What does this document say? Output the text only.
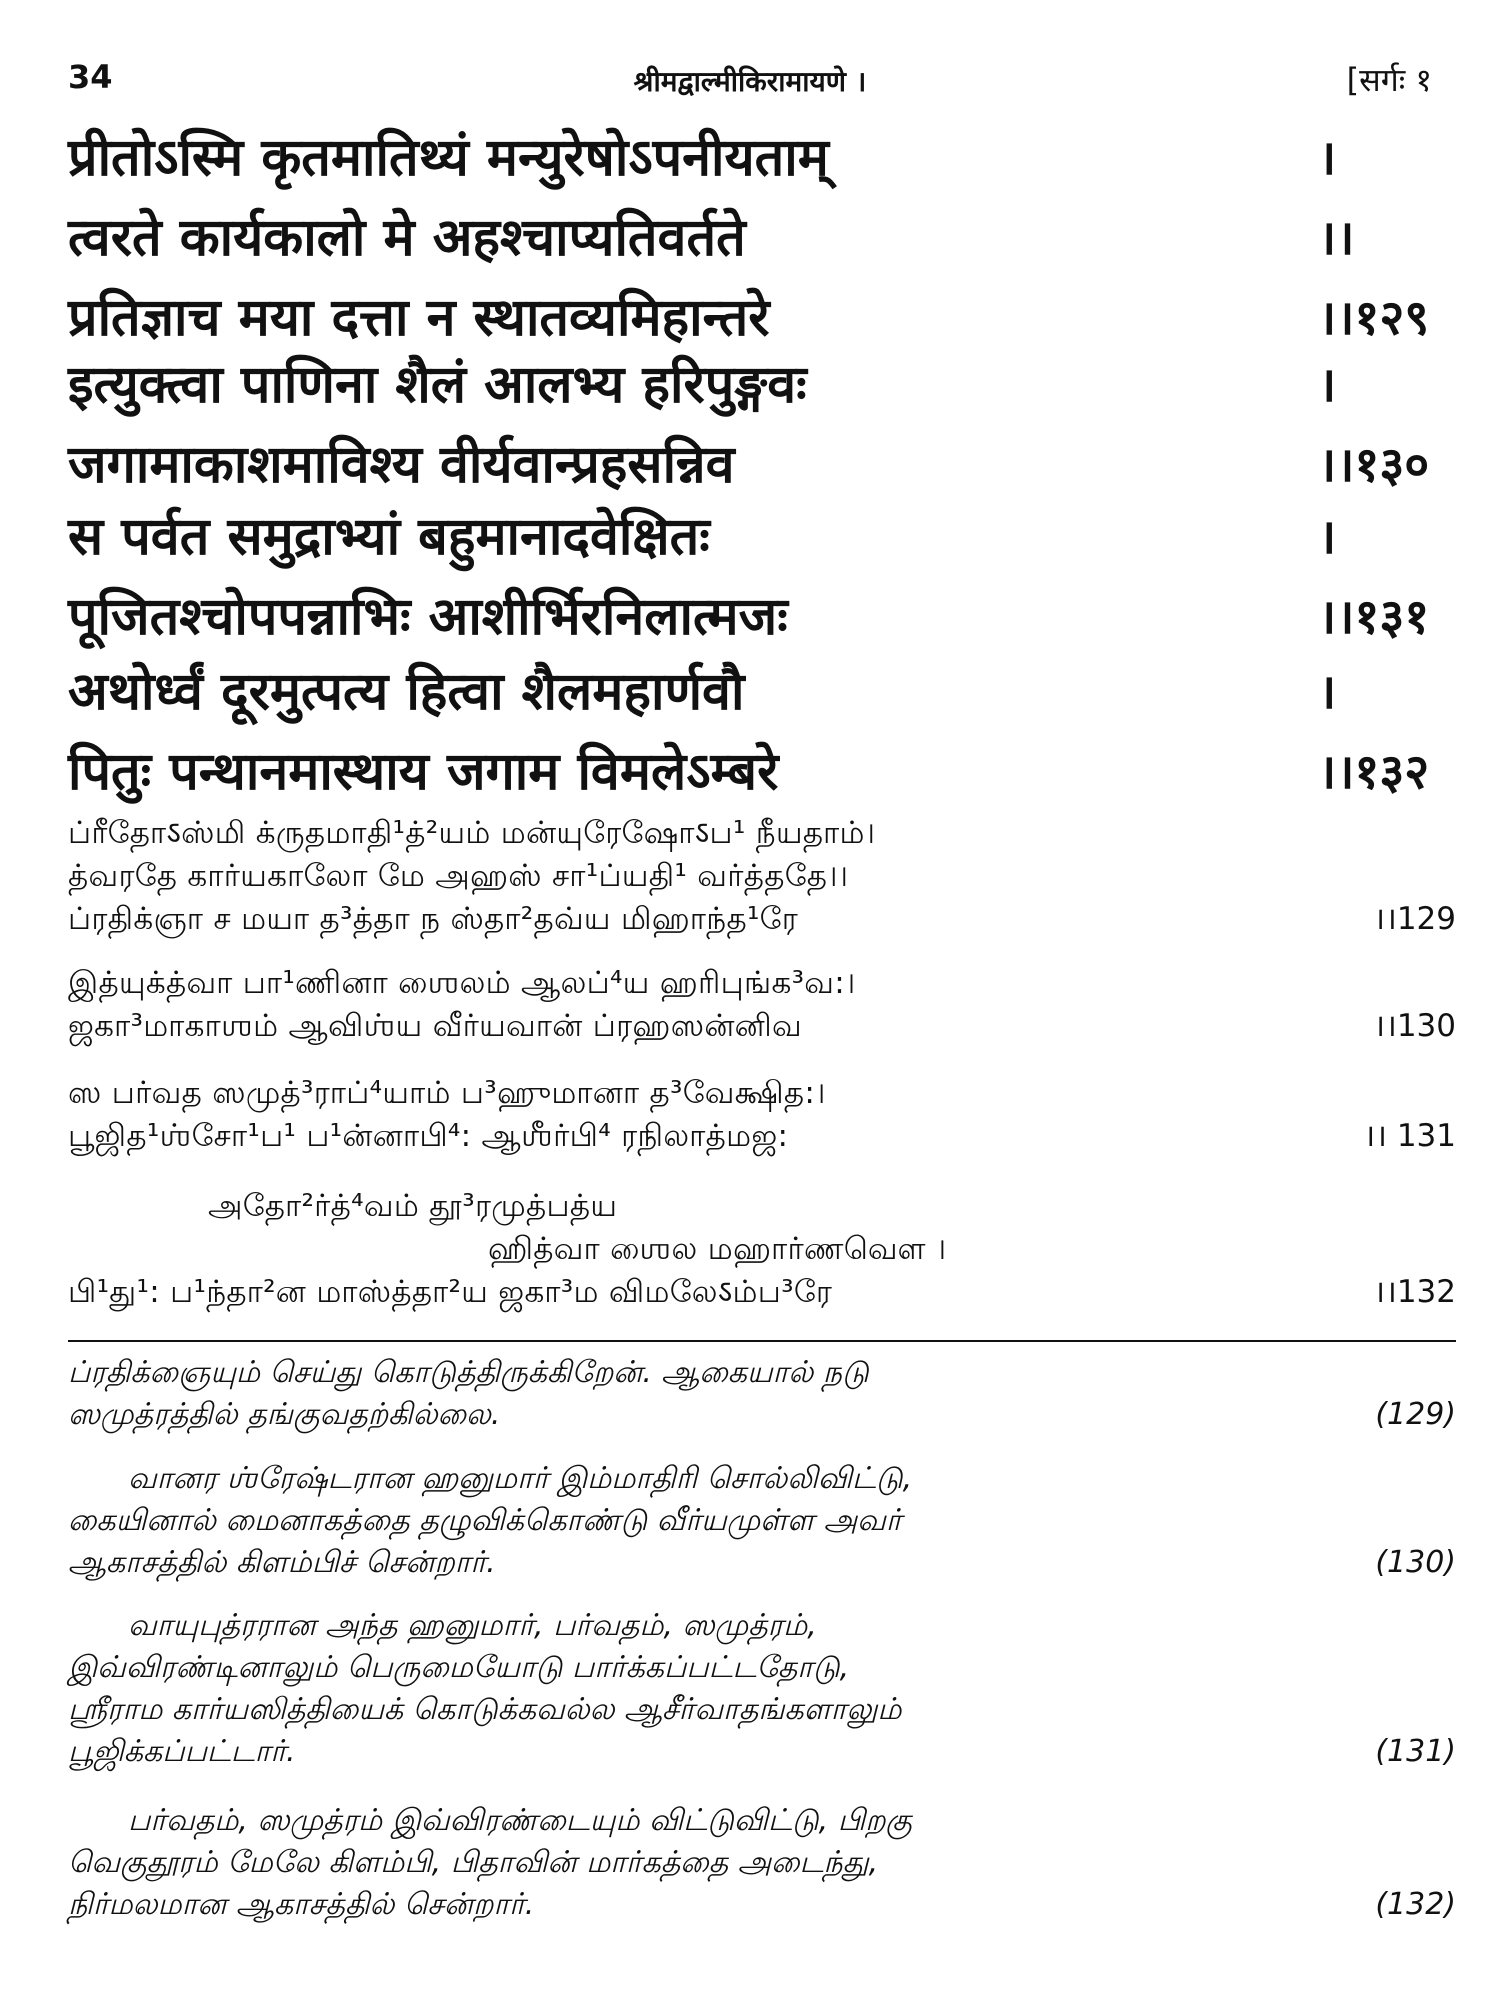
34	श्रीमद्वाल्मीकिरामायणे ।	[सर्गः १
प्रीतोऽस्मि कृतमातिथ्यं मन्युरेषोऽपनीयताम्	।
त्वरते कार्यकालो मे अहश्चाप्यतिवर्तते	।।
प्रतिज्ञाच मया दत्ता न स्थातव्यमिहान्तरे	।।१२९
इत्युक्त्वा पाणिना शैलं आलभ्य हरिपुङ्गवः	।
जगामाकाशमाविश्य वीर्यवान्प्रहसन्निव	।।१३०
स पर्वत समुद्राभ्यां बहुमानादवेक्षितः	।
पूजितश्चोपपन्नाभिः आशीर्भिरनिलात्मजः	।।१३१
अथोर्ध्वं दूरमुत्पत्य हित्वा शैलमहार्णवौ	।
पितुः पन्थानमास्थाय जगाम विमलेऽम्बरे	।।१३२
ப்ரீதோऽஸ்மி க்ருதமாதி¹த்²யம் மன்யுரேஷோऽப¹ நீயதாம்।
த்வரதே கார்யகாலோ மே அஹஸ் சா¹ப்யதி¹ வர்த்ததே।।
ப்ரதிக்ஞா ச மயா த³த்தா ந ஸ்தா²தவ்ய மிஹாந்த¹ரே	।।129
இத்யுக்த்வா பா¹ணினா ஶைலம் ஆலப்⁴ய ஹரிபுங்க³வ:।
ஜகா³மாகாஶம் ஆவிஶ்ய வீர்யவான் ப்ரஹஸன்னிவ	।।130
ஸ பர்வத ஸமுத்³ராப்⁴யாம் ப³ஹுமானா த³வேக்ஷித:।
பூஜித¹ஶ்சோ¹ப¹ ப¹ன்னாபி⁴: ஆஶீர்பி⁴ ரநிலாத்மஜ:	।। 131
அதோ²ர்த்⁴வம் தூ³ரமுத்பத்ய
ஹித்வா ஶைல மஹார்ணவௌ ।
பி¹து¹: ப¹ந்தா²ன மாஸ்த்தா²ய ஜகா³ம விமலேऽம்ப³ரே	।।132
ப்ரதிக்ஞையும் செய்து கொடுத்திருக்கிறேன். ஆகையால் நடு
ஸமுத்ரத்தில் தங்குவதற்கில்லை.	(129)
வானர ஶ்ரேஷ்டரான ஹனுமார் இம்மாதிரி சொல்லிவிட்டு,
கையினால் மைனாகத்தை தழுவிக்கொண்டு வீர்யமுள்ள அவர்
ஆகாசத்தில் கிளம்பிச் சென்றார்.	(130)
வாயுபுத்ரரான அந்த ஹனுமார், பர்வதம், ஸமுத்ரம்,
இவ்விரண்டினாலும் பெருமையோடு பார்க்கப்பட்டதோடு,
ஸ்ரீராம கார்யஸித்தியைக் கொடுக்கவல்ல ஆசீர்வாதங்களாலும்
பூஜிக்கப்பட்டார்.	(131)
பர்வதம், ஸமுத்ரம் இவ்விரண்டையும் விட்டுவிட்டு, பிறகு
வெகுதூரம் மேலே கிளம்பி, பிதாவின் மார்கத்தை அடைந்து,
நிர்மலமான ஆகாசத்தில் சென்றார்.	(132)
